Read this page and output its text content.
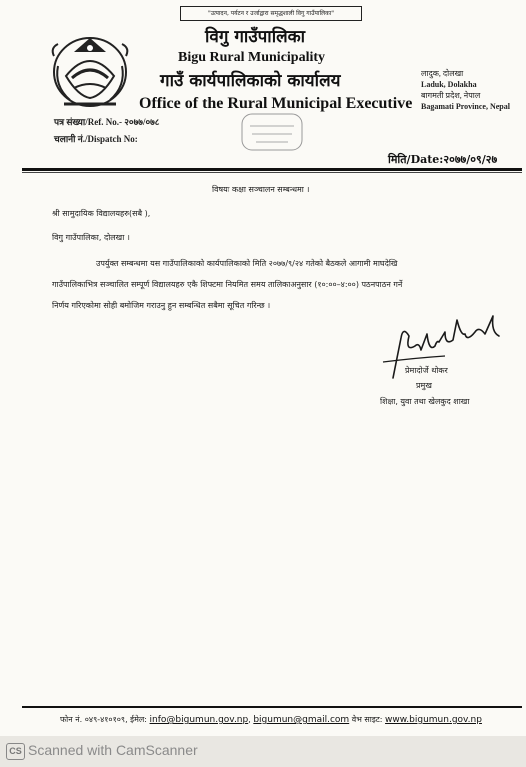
"उत्पादन, पर्यटन र उर्जाद्वारा समृद्धशाली विगु गाउँपालिका"
विगु गाउँपालिका
Bigu Rural Municipality
गाउँ कार्यपालिकाको कार्यालय
Office of the Rural Municipal Executive
लादुक, दोलखा
Laduk, Dolakha
बागमती प्रदेश, नेपाल
Bagamati Province, Nepal
पत्र संख्या/Ref. No.- २०७७/०७८
चलानी नं./Dispatch No:
मिति/Date:२०७७/०९/२७
विषयः कक्षा सञ्चालन सम्बन्धमा ।
श्री सामुदायिक विद्यालयहरु(सबै ),
विगु गाउँपालिका, दोलखा ।
उपर्युक्त सम्बन्धमा यस गाउँपालिकाको कार्यपालिकाको मिति २०७७/९/२४ गतेको बैठकले आगामी माघदेखि
गाउँपालिकाभित्र सञ्चालित सम्पूर्ण विद्यालयहरु एकै शिफ्टमा नियमित समय तालिकाअनुसार (१०:००–४:००) पठनपाठन गर्ने
निर्णय गरिएकोमा सोही बमोजिम गराउनु हुन सम्बन्धित सबैमा सूचित गरिन्छ ।
प्रेमादोर्जे थोकर
प्रमुख
शिक्षा, युवा तथा खेलकुद शाखा
फोन नं. ०४९-४१०१०९, ईमेल: info@bigumun.gov.np, bigumun@gmail.com वेभ साइट: www.bigumun.gov.np
CS Scanned with CamScanner
